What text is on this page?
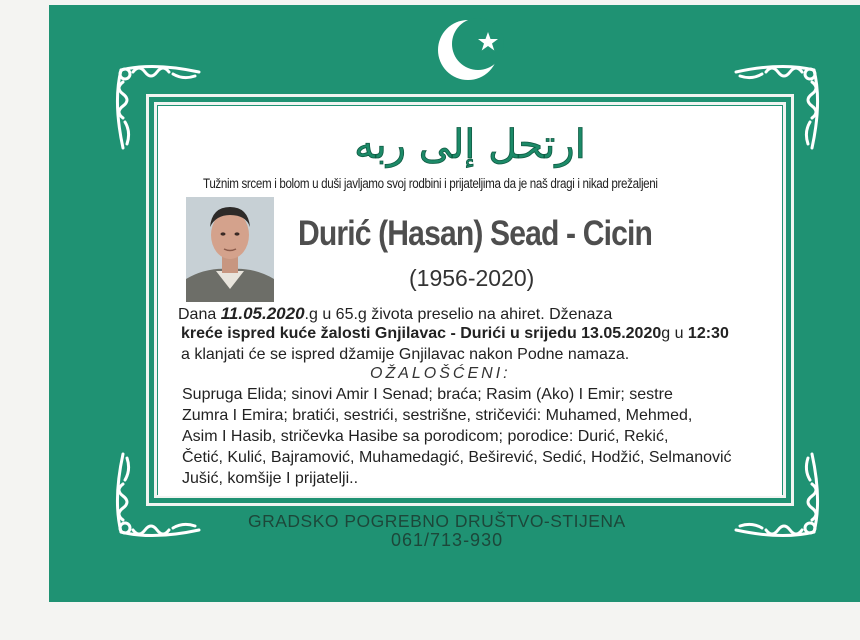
ارتحل إلى ربه
Tužnim srcem i bolom u duši javljamo svoj rodbini i prijateljima da je naš dragi i nikad prežaljeni
Durić (Hasan) Sead - Cicin
(1956-2020)
Dana 11.05.2020.g u 65.g života preselio na ahiret. Dženaza
kreće ispred kuće žalosti Gnjilavac - Durići u srijedu 13.05.2020g u 12:30
a klanjati će se ispred džamije Gnjilavac nakon Podne namaza.
OŽALOŠĆENI:
Supruga Elida; sinovi Amir I Senad; braća; Rasim (Ako) I Emir; sestre
Zumra I Emira; bratići, sestrići, sestrišne, stričevići: Muhamed, Mehmed,
Asim I Hasib, stričevka Hasibe sa porodicom; porodice: Durić, Rekić,
Četić, Kulić, Bajramović, Muhamedagić, Beširević, Sedić, Hodžić, Selmanović
Jušić, komšije I prijatelji..
GRADSKO POGREBNO DRUŠTVO-STIJENA
061/713-930
